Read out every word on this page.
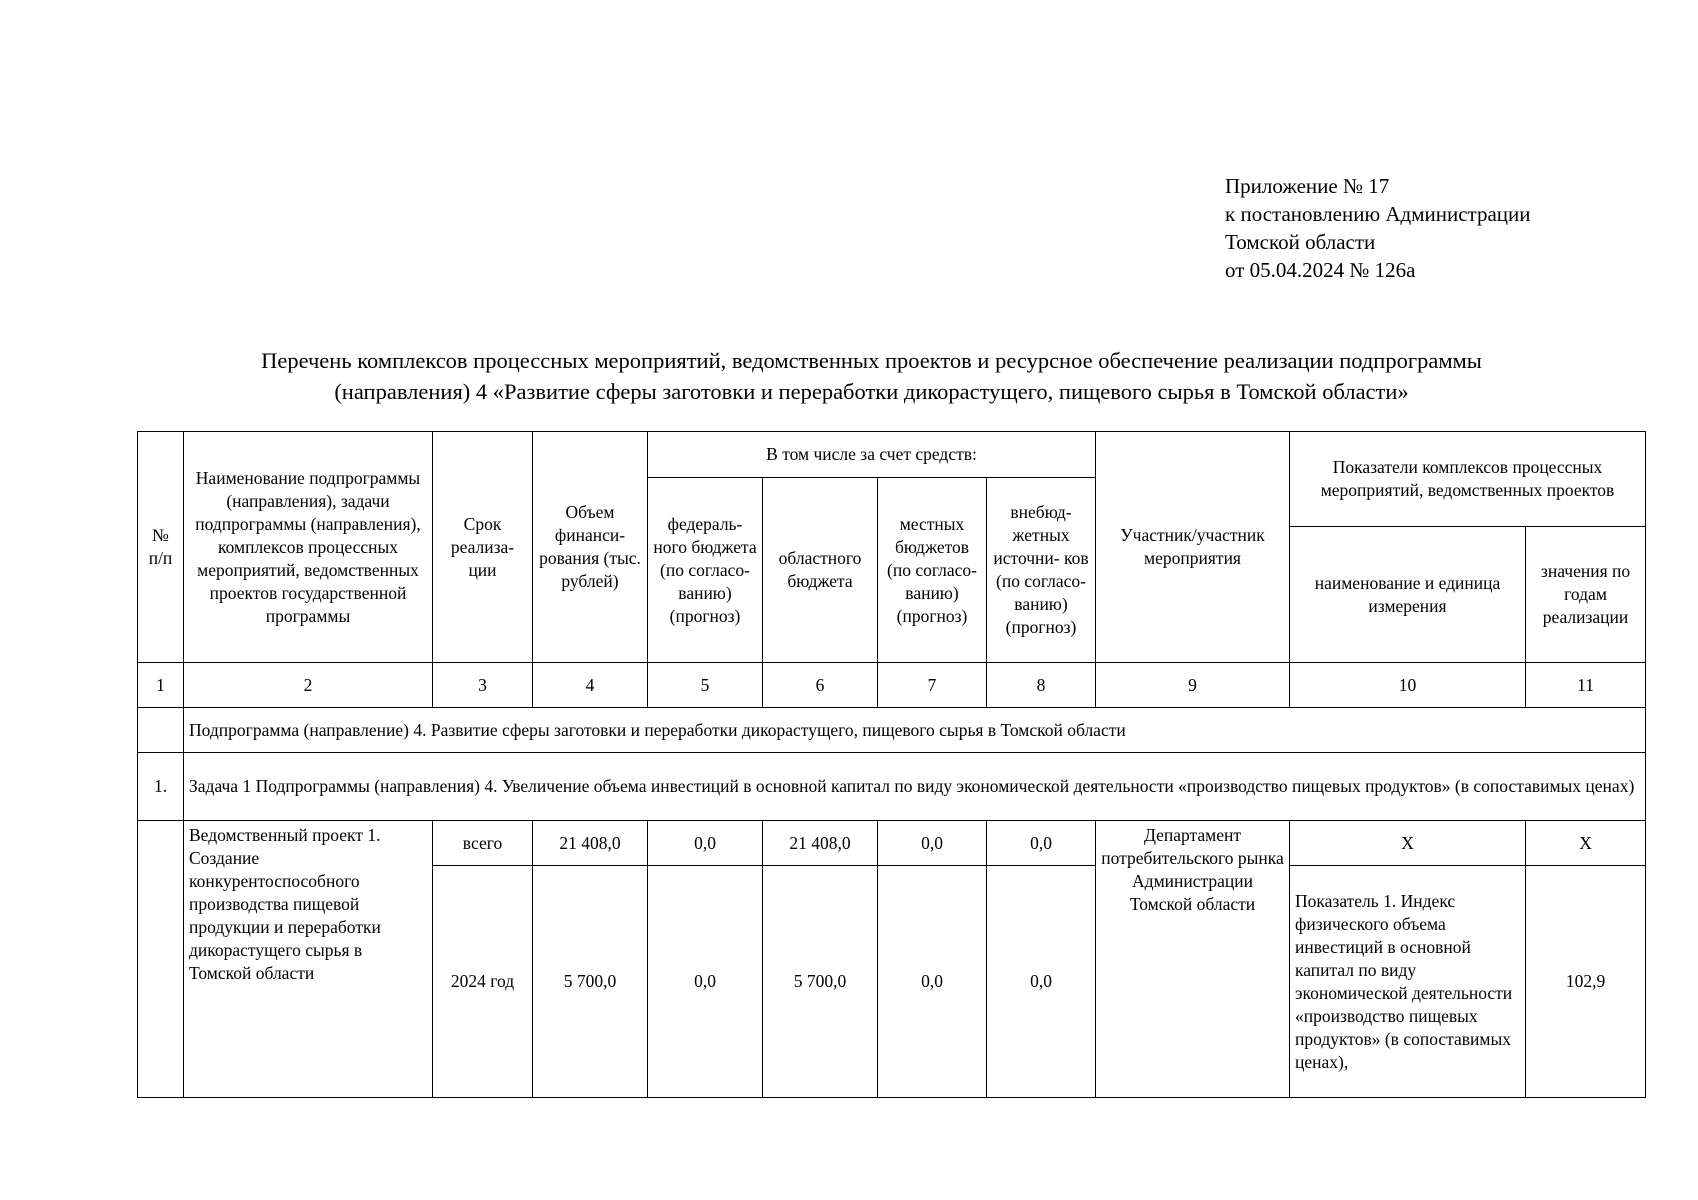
Приложение № 17
к постановлению Администрации
Томской области
от 05.04.2024 № 126а
Перечень комплексов процессных мероприятий, ведомственных проектов и ресурсное обеспечение реализации подпрограммы
(направления) 4 «Развитие сферы заготовки и переработки дикорастущего, пищевого сырья в Томской области»
№ п/п	Наименование подпрограммы (направления), задачи подпрограммы (направления), комплексов процессных мероприятий, ведомственных проектов государственной программы	Срок реализа- ции	Объем финанси- рования (тыс. рублей)	В том числе за счет средств:				Участник/участник мероприятия	Показатели комплексов процессных мероприятий, ведомственных проектов	
				федераль- ного бюджета (по согласо- ванию) (прогноз)	областного бюджета	местных бюджетов (по согласо- ванию) (прогноз)	внебюд- жетных источни- ков (по согласо- ванию) (прогноз)			
									наименование и единица измерения	значения по годам реализации
1	2	3	4	5	6	7	8	9	10	11
	Подпрограмма (направление) 4. Развитие сферы заготовки и переработки дикорастущего, пищевого сырья в Томской области									
1.	Задача 1 Подпрограммы (направления) 4. Увеличение объема инвестиций в основной капитал по виду экономической деятельности «производство пищевых продуктов» (в сопоставимых ценах)									
	Ведомственный проект 1. Создание конкурентоспособного производства пищевой продукции и переработки дикорастущего сырья в Томской области	всего	21 408,0	0,0	21 408,0	0,0	0,0	Департамент потребительского рынка Администрации Томской области	Х	Х
		2024 год	5 700,0	0,0	5 700,0	0,0	0,0		Показатель 1. Индекс физического объема инвестиций в основной капитал по виду экономической деятельности «производство пищевых продуктов» (в сопоставимых ценах),	102,9
